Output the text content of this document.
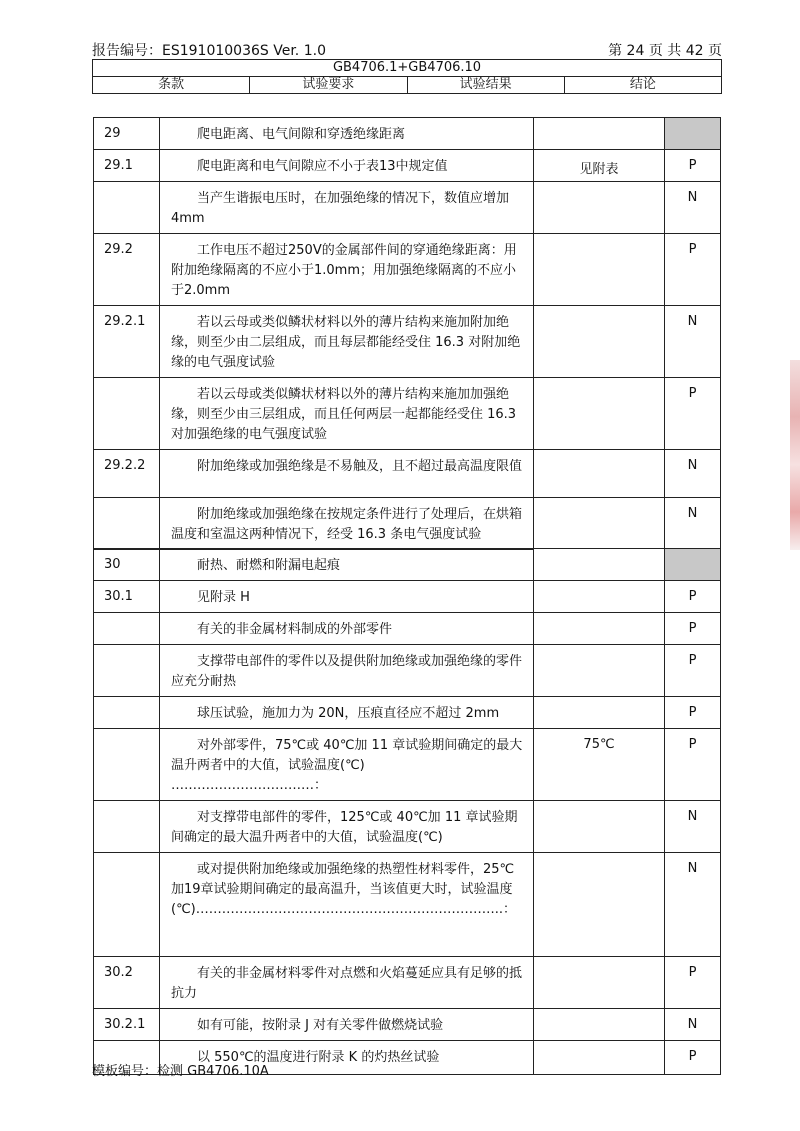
报告编号：ES191010036S Ver. 1.0	第 24 页 共 42 页
GB4706.1+GB4706.10
条款	试验要求	试验结果	结论
29	爬电距离、电气间隙和穿透绝缘距离		
29.1	爬电距离和电气间隙应不小于表13中规定值	见附表	P
	当产生谐振电压时，在加强绝缘的情况下，数值应增加 4mm		N
29.2	工作电压不超过250V的金属部件间的穿通绝缘距离：用附加绝缘隔离的不应小于1.0mm；用加强绝缘隔离的不应小于2.0mm		P
29.2.1	若以云母或类似鳞状材料以外的薄片结构来施加附加绝缘，则至少由二层组成，而且每层都能经受住 16.3 对附加绝缘的电气强度试验		N
	若以云母或类似鳞状材料以外的薄片结构来施加加强绝缘，则至少由三层组成，而且任何两层一起都能经受住 16.3 对加强绝缘的电气强度试验		P
29.2.2	附加绝缘或加强绝缘是不易触及，且不超过最高温度限值		N
	附加绝缘或加强绝缘在按规定条件进行了处理后，在烘箱温度和室温这两种情况下，经受 16.3 条电气强度试验		N
30	耐热、耐燃和附漏电起痕		
30.1	见附录 H		P
	有关的非金属材料制成的外部零件		P
	支撑带电部件的零件以及提供附加绝缘或加强绝缘的零件应充分耐热		P
	球压试验，施加力为 20N，压痕直径应不超过 2mm		P
	对外部零件，75℃或 40℃加 11 章试验期间确定的最大温升两者中的大值，试验温度(℃) ……………………………：	75℃	P
	对支撑带电部件的零件，125℃或 40℃加 11 章试验期间确定的最大温升两者中的大值，试验温度(℃)		N
	或对提供附加绝缘或加强绝缘的热塑性材料零件，25℃加19章试验期间确定的最高温升，当该值更大时，试验温度(℃)……………………………………………………………..：		N
30.2	有关的非金属材料零件对点燃和火焰蔓延应具有足够的抵抗力		P
30.2.1	如有可能，按附录 J 对有关零件做燃烧试验		N
	以 550℃的温度进行附录 K 的灼热丝试验		P
模板编号：检测 GB4706.10A
